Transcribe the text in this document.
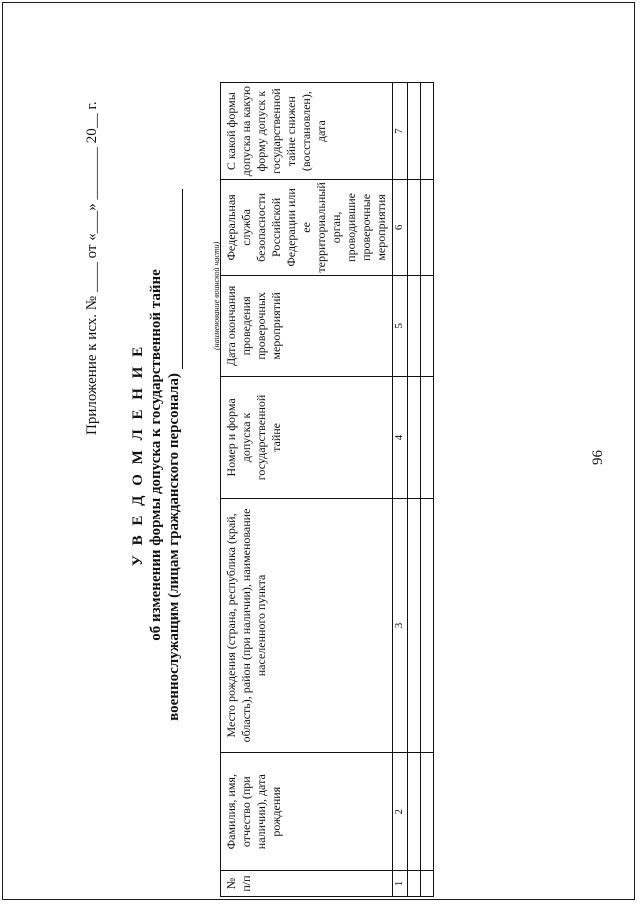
96
Приложение к исх. № ____ от «___» _______ 20__ г.
У В Е Д О М Л Е Н И Е об изменении формы допуска к государственной тайне военнослужащим (лицам гражданского персонала)
(наименование воинской части)
№ п/п	Фамилия, имя, отчество (при наличии), дата рождения	Место рождения (страна, республика (край, область), район (при наличии), наименование населенного пункта	Номер и форма допуска к государственной тайне	Дата окончания проведения проверочных мероприятий	Федеральная служба безопасности Российской Федерации или ее территориальный орган, проводившие проверочные мероприятия	С какой формы допуска на какую форму допуск к государственной тайне снижен (восстановлен), дата
1	2	3	4	5	6	7
